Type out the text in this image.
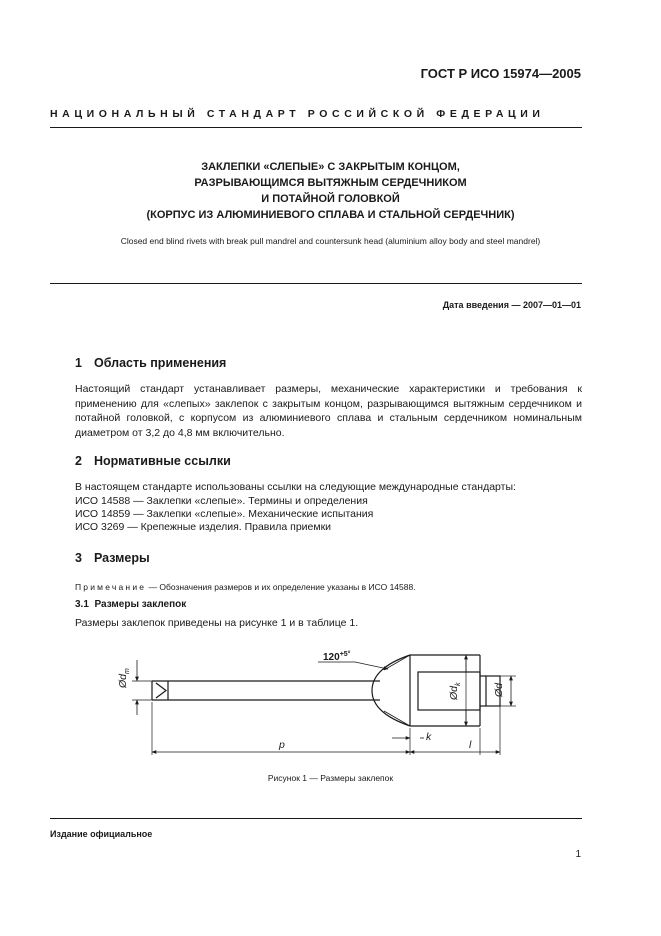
ГОСТ Р ИСО 15974—2005
НАЦИОНАЛЬНЫЙ СТАНДАРТ РОССИЙСКОЙ ФЕДЕРАЦИИ
ЗАКЛЕПКИ «СЛЕПЫЕ» С ЗАКРЫТЫМ КОНЦОМ,
РАЗРЫВАЮЩИМСЯ ВЫТЯЖНЫМ СЕРДЕЧНИКОМ
И ПОТАЙНОЙ ГОЛОВКОЙ
(КОРПУС ИЗ АЛЮМИНИЕВОГО СПЛАВА И СТАЛЬНОЙ СЕРДЕЧНИК)
Closed end blind rivets with break pull mandrel and countersunk head (aluminium alloy body and steel mandrel)
Дата введения — 2007—01—01
1 Область применения
Настоящий стандарт устанавливает размеры, механические характеристики и требования к применению для «слепых» заклепок с закрытым концом, разрывающимся вытяжным сердечником и потайной головкой, с корпусом из алюминиевого сплава и стальным сердечником номинальным диаметром от 3,2 до 4,8 мм включительно.
2 Нормативные ссылки
В настоящем стандарте использованы ссылки на следующие международные стандарты:
ИСО 14588 — Заклепки «слепые». Термины и определения
ИСО 14859 — Заклепки «слепые». Механические испытания
ИСО 3269 — Крепежные изделия. Правила приемки
3 Размеры
Примечание — Обозначения размеров и их определение указаны в ИСО 14588.
3.1 Размеры заклепок
Размеры заклепок приведены на рисунке 1 и в таблице 1.
$Ød_m$
$Ød_k$	Ød
p
k
l
$120^{+5^\circ}$
Рисунок 1 — Размеры заклепок
Издание официальное
1
